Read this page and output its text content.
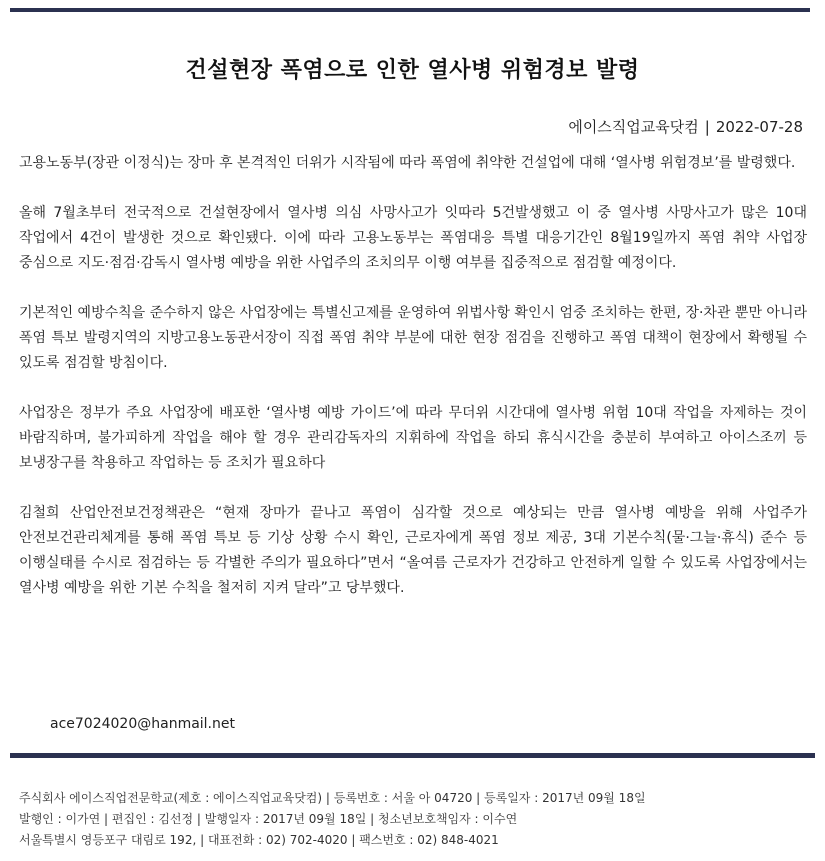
건설현장 폭염으로 인한 열사병 위험경보 발령
에이스직업교육닷컴 | 2022-07-28

고용노동부(장관 이정식)는 장마 후 본격적인 더위가 시작됨에 따라 폭염에 취약한 건설업에 대해 ‘열사병 위험경보’를 발령했다.

올해 7월초부터 전국적으로 건설현장에서 열사병 의심 사망사고가 잇따라 5건발생했고 이 중 열사병 사망사고가 많은 10대 작업에서 4건이 발생한 것으로 확인됐다. 이에 따라 고용노동부는 폭염대응 특별 대응기간인 8월19일까지 폭염 취약 사업장 중심으로 지도·점검·감독시 열사병 예방을 위한 사업주의 조치의무 이행 여부를 집중적으로 점검할 예정이다.

기본적인 예방수칙을 준수하지 않은 사업장에는 특별신고제를 운영하여 위법사항 확인시 엄중 조치하는 한편, 장·차관 뿐만 아니라 폭염 특보 발령지역의 지방고용노동관서장이 직접 폭염 취약 부분에 대한 현장 점검을 진행하고 폭염 대책이 현장에서 확행될 수 있도록 점검할 방침이다.

사업장은 정부가 주요 사업장에 배포한 ‘열사병 예방 가이드’에 따라 무더위 시간대에 열사병 위험 10대 작업을 자제하는 것이 바람직하며, 불가피하게 작업을 해야 할 경우 관리감독자의 지휘하에 작업을 하되 휴식시간을 충분히 부여하고 아이스조끼 등 보냉장구를 착용하고 작업하는 등 조치가 필요하다

김철희 산업안전보건정책관은 “현재 장마가 끝나고 폭염이 심각할 것으로 예상되는 만큼 열사병 예방을 위해 사업주가 안전보건관리체계를 통해 폭염 특보 등 기상 상황 수시 확인, 근로자에게 폭염 정보 제공, 3대 기본수칙(물·그늘·휴식) 준수 등 이행실태를 수시로 점검하는 등 각별한 주의가 필요하다”면서 “올여름 근로자가 건강하고 안전하게 일할 수 있도록 사업장에서는 열사병 예방을 위한 기본 수칙을 철저히 지켜 달라”고 당부했다.

ace7024020@hanmail.net
주식회사 에이스직업전문학교(제호 : 에이스직업교육닷컴) | 등록번호 : 서울 아 04720 | 등록일자 : 2017년 09월 18일
발행인 : 이가연 | 편집인 : 김선정 | 발행일자 : 2017년 09월 18일 | 청소년보호책임자 : 이수연
서울특별시 영등포구 대림로 192, | 대표전화 : 02) 702-4020 | 팩스번호 : 02) 848-4021
